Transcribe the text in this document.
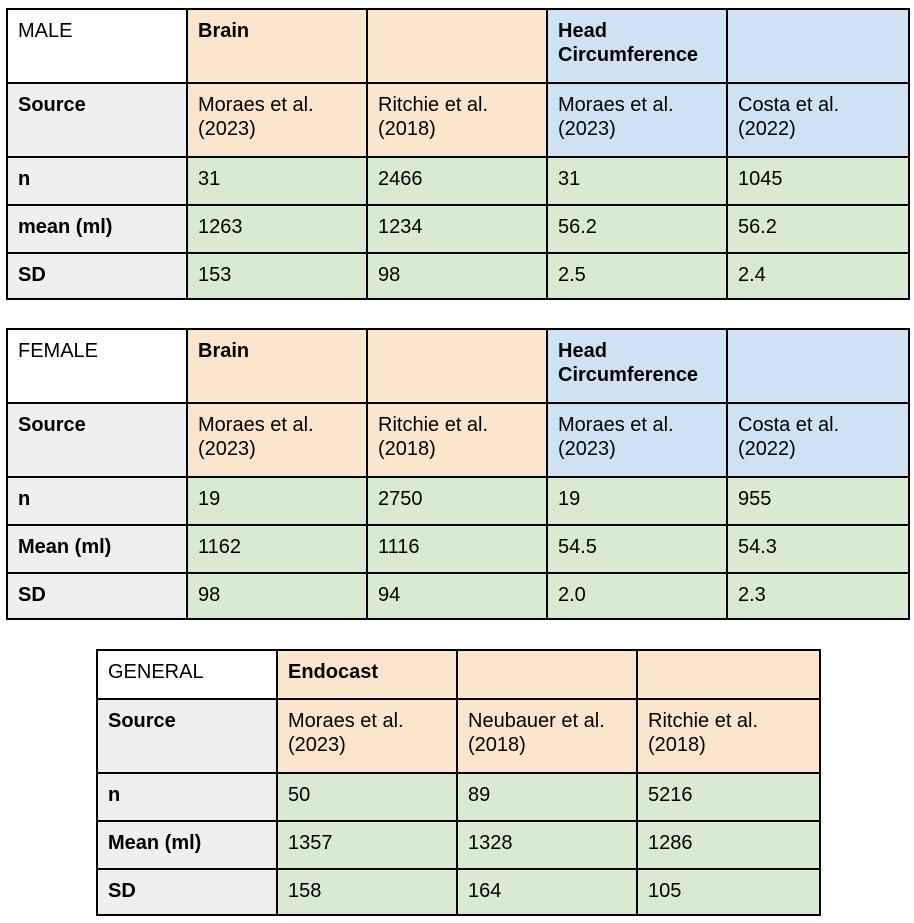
MALE	Brain		Head Circumference	
Source	Moraes et al. (2023)	Ritchie et al. (2018)	Moraes et al. (2023)	Costa et al. (2022)
n	31	2466	31	1045
mean (ml)	1263	1234	56.2	56.2
SD	153	98	2.5	2.4
FEMALE	Brain		Head Circumference	
Source	Moraes et al. (2023)	Ritchie et al. (2018)	Moraes et al. (2023)	Costa et al. (2022)
n	19	2750	19	955
Mean (ml)	1162	1116	54.5	54.3
SD	98	94	2.0	2.3
GENERAL	Endocast		
Source	Moraes et al. (2023)	Neubauer et al. (2018)	Ritchie et al. (2018)
n	50	89	5216
Mean (ml)	1357	1328	1286
SD	158	164	105
